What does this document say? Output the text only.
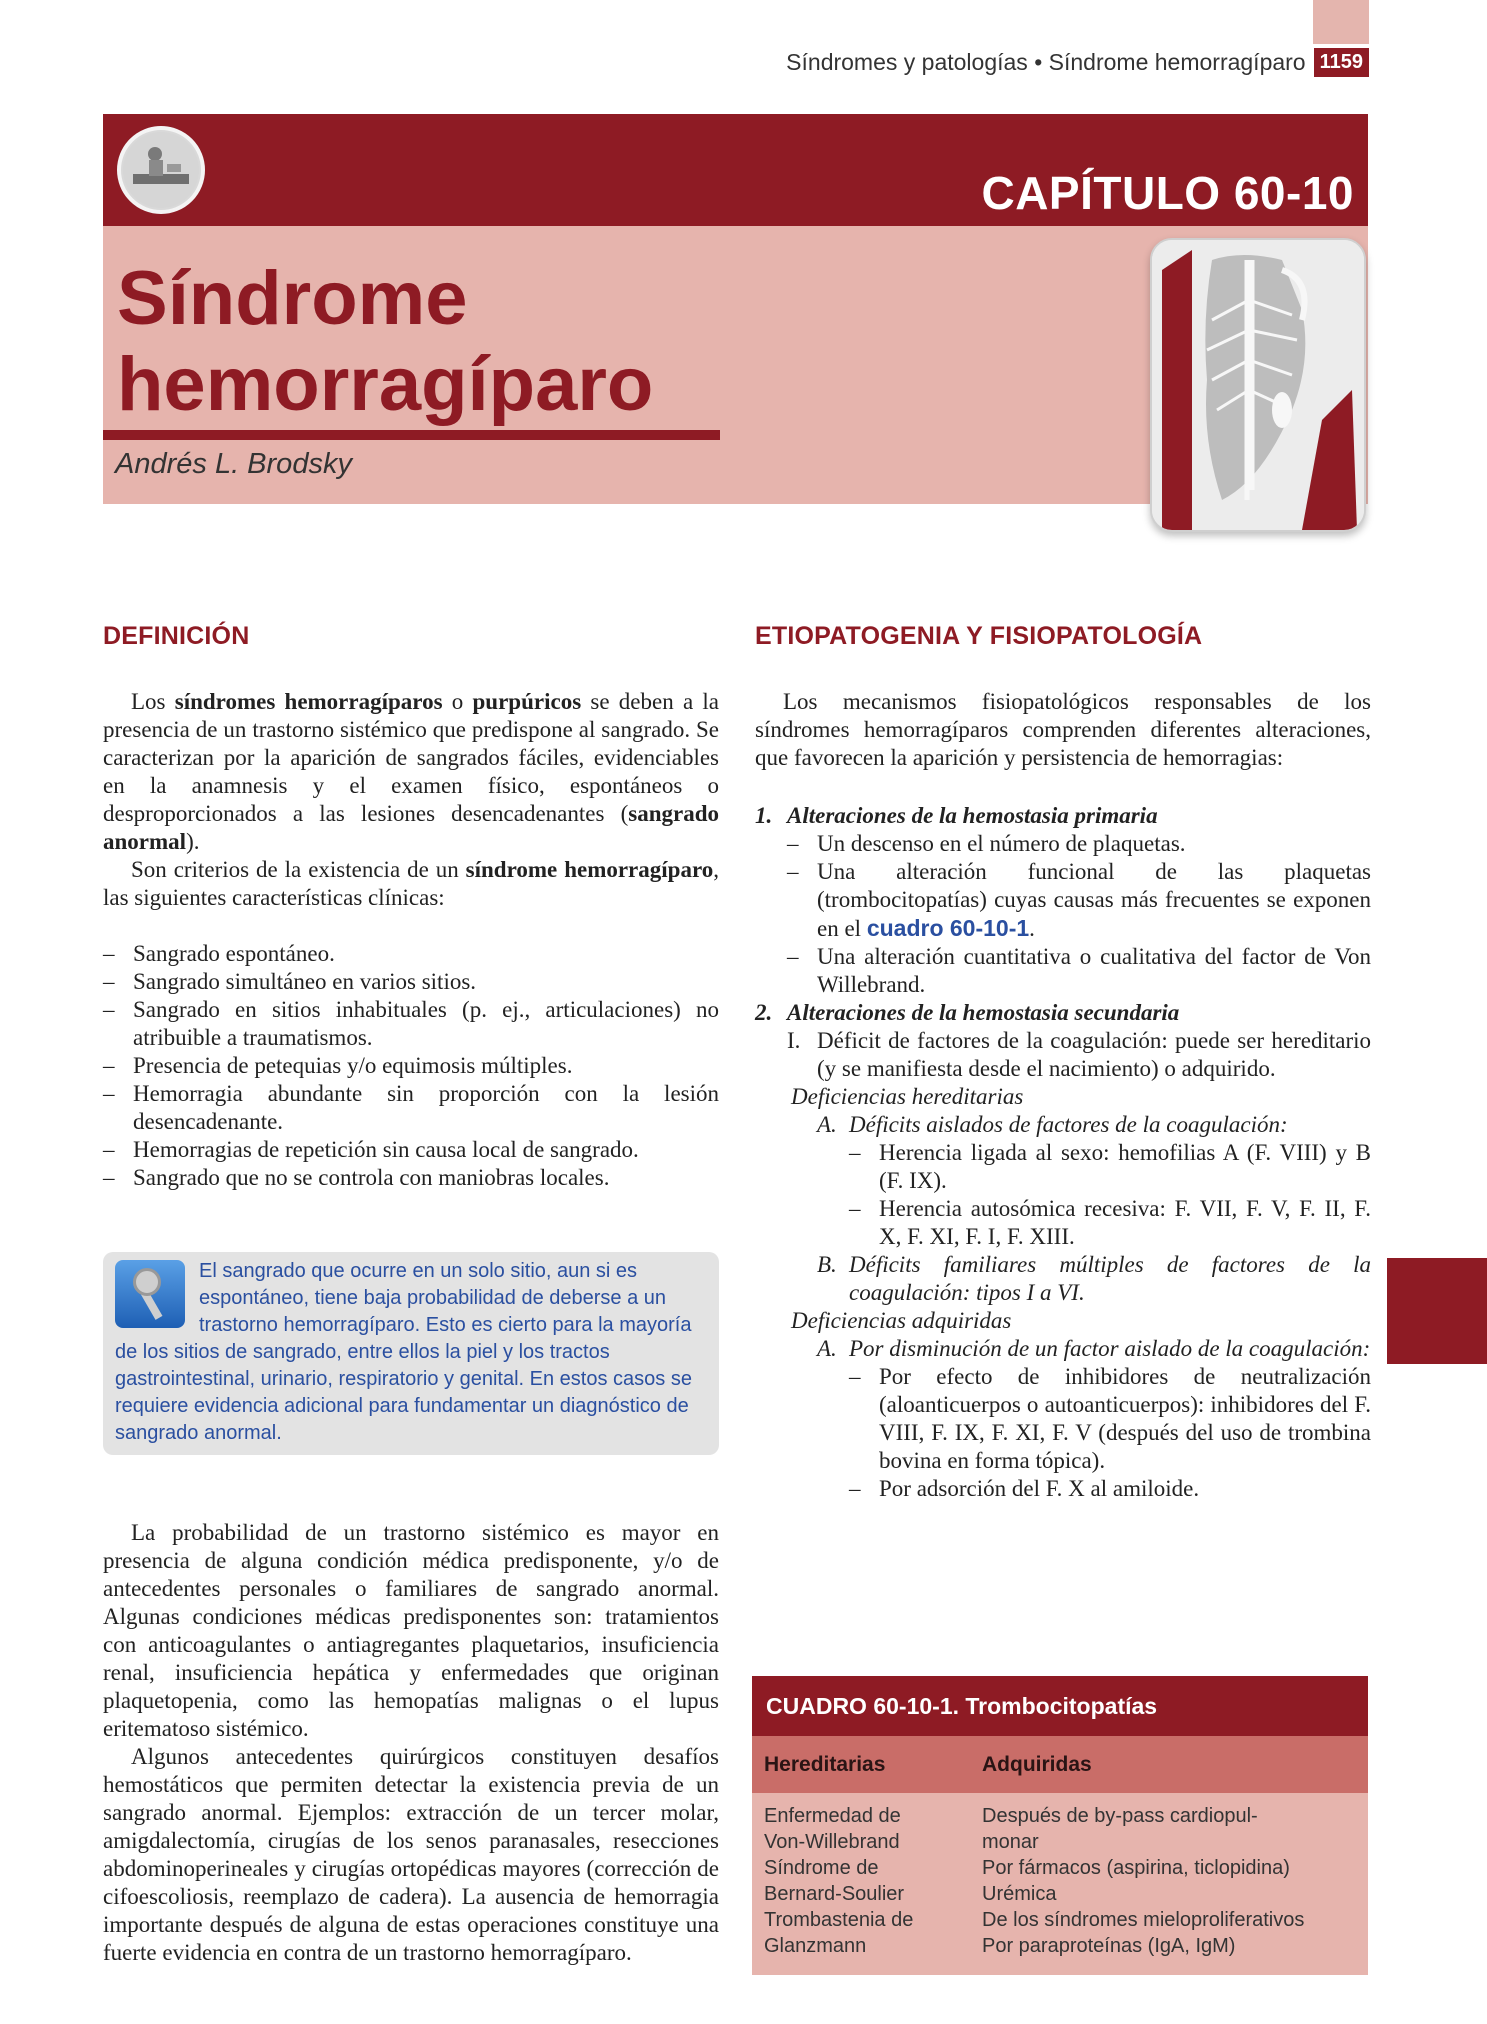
Síndromes y patologías • Síndrome hemorragíparo 1159
CAPÍTULO 60-10
Síndrome
hemorragíparo
Andrés L. Brodsky
DEFINICIÓN

Los síndromes hemorragíparos o purpúricos se deben a la presencia de un trastorno sistémico que predispone al sangrado. Se caracterizan por la aparición de sangrados fáciles, evidenciables en la anamnesis y el examen físico, espontáneos o desproporcionados a las lesiones desencadenantes (sangrado anormal).

Son criterios de la existencia de un síndrome hemorragíparo, las siguientes características clínicas:

– Sangrado espontáneo.
– Sangrado simultáneo en varios sitios.
– Sangrado en sitios inhabituales (p. ej., articulaciones) no atribuible a traumatismos.
– Presencia de petequias y/o equimosis múltiples.
– Hemorragia abundante sin proporción con la lesión desencadenante.
– Hemorragias de repetición sin causa local de sangrado.
– Sangrado que no se controla con maniobras locales.
El sangrado que ocurre en un solo sitio, aun si es espontáneo, tiene baja probabilidad de deberse a un trastorno hemorragíparo. Esto es cierto para la mayoría de los sitios de sangrado, entre ellos la piel y los tractos gastrointestinal, urinario, respiratorio y genital. En estos casos se requiere evidencia adicional para fundamentar un diagnóstico de sangrado anormal.

La probabilidad de un trastorno sistémico es mayor en presencia de alguna condición médica predisponente, y/o de antecedentes personales o familiares de sangrado anormal. Algunas condiciones médicas predisponentes son: tratamientos con anticoagulantes o antiagregantes plaquetarios, insuficiencia renal, insuficiencia hepática y enfermedades que originan plaquetopenia, como las hemopatías malignas o el lupus eritematoso sistémico.

Algunos antecedentes quirúrgicos constituyen desafíos hemostáticos que permiten detectar la existencia previa de un sangrado anormal. Ejemplos: extracción de un tercer molar, amigdalectomía, cirugías de los senos paranasales, resecciones abdominoperineales y cirugías ortopédicas mayores (corrección de cifoescoliosis, reemplazo de cadera). La ausencia de hemorragia importante después de alguna de estas operaciones constituye una fuerte evidencia en contra de un trastorno hemorragíparo.

ETIOPATOGENIA Y FISIOPATOLOGÍA

Los mecanismos fisiopatológicos responsables de los síndromes hemorragíparos comprenden diferentes alteraciones, que favorecen la aparición y persistencia de hemorragias:

1. Alteraciones de la hemostasia primaria
– Un descenso en el número de plaquetas.
– Una alteración funcional de las plaquetas (trombocitopatías) cuyas causas más frecuentes se exponen en el cuadro 60-10-1.
– Una alteración cuantitativa o cualitativa del factor de Von Willebrand.
2. Alteraciones de la hemostasia secundaria
I. Déficit de factores de la coagulación: puede ser hereditario (y se manifiesta desde el nacimiento) o adquirido.
Deficiencias hereditarias
A. Déficits aislados de factores de la coagulación:
– Herencia ligada al sexo: hemofilias A (F. VIII) y B (F. IX).
– Herencia autosómica recesiva: F. VII, F. V, F. II, F. X, F. XI, F. I, F. XIII.
B. Déficits familiares múltiples de factores de la coagulación: tipos I a VI.
Deficiencias adquiridas
A. Por disminución de un factor aislado de la coagulación:
– Por efecto de inhibidores de neutralización (aloanticuerpos o autoanticuerpos): inhibidores del F. VIII, F. IX, F. XI, F. V (después del uso de trombina bovina en forma tópica).
– Por adsorción del F. X al amiloide.
CUADRO 60-10-1. Trombocitopatías
Hereditarias	Adquiridas
Enfermedad de
Von-Willebrand
Síndrome de
Bernard-Soulier
Trombastenia de
Glanzmann
Después de by-pass cardiopul-
monar
Por fármacos (aspirina, ticlopidina)
Urémica
De los síndromes mieloproliferativos
Por paraproteínas (IgA, IgM)
